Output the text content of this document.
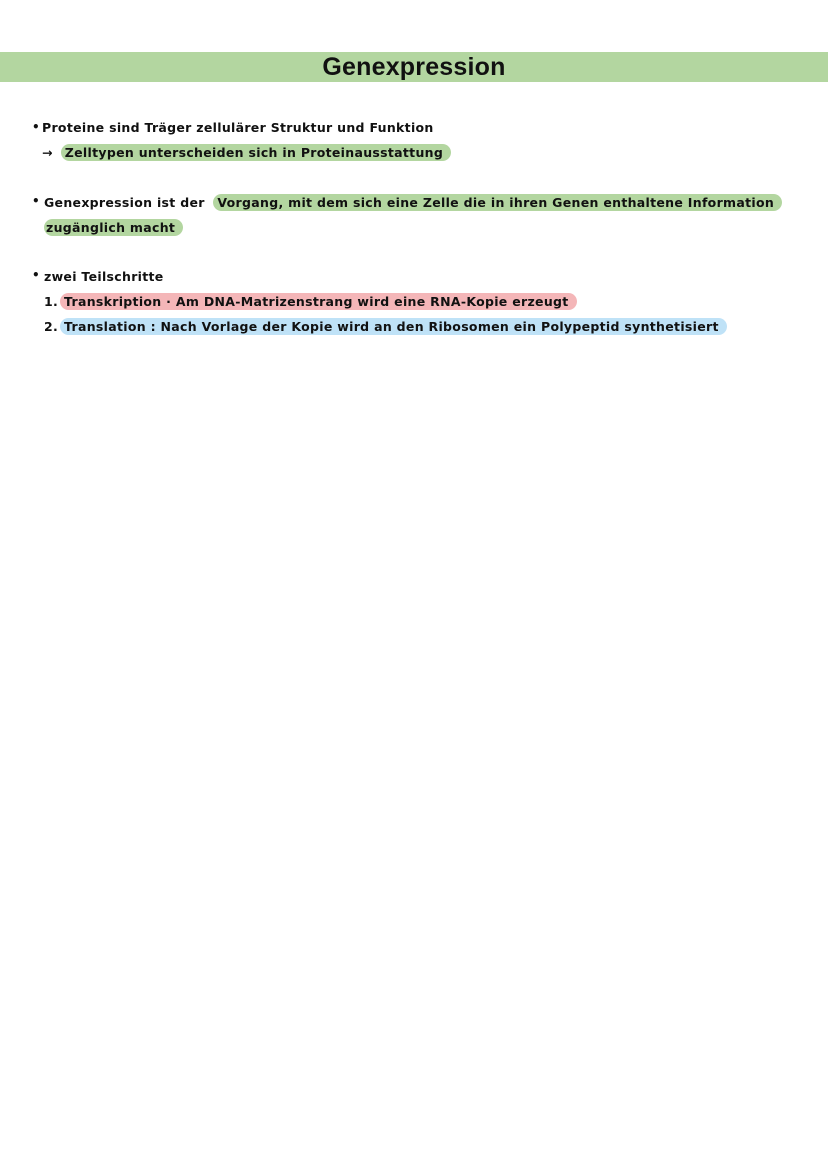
Genexpression
• Proteine sind Träger zellulärer Struktur und Funktion
→ Zelltypen unterscheiden sich in Proteinausstattung
• Genexpression ist der Vorgang, mit dem sich eine Zelle die in ihren Genen enthaltene Information
zugänglich macht
• zwei Teilschritte
1. Transkription · Am DNA-Matrizenstrang wird eine RNA-Kopie erzeugt
2. Translation : Nach Vorlage der Kopie wird an den Ribosomen ein Polypeptid synthetisiert
